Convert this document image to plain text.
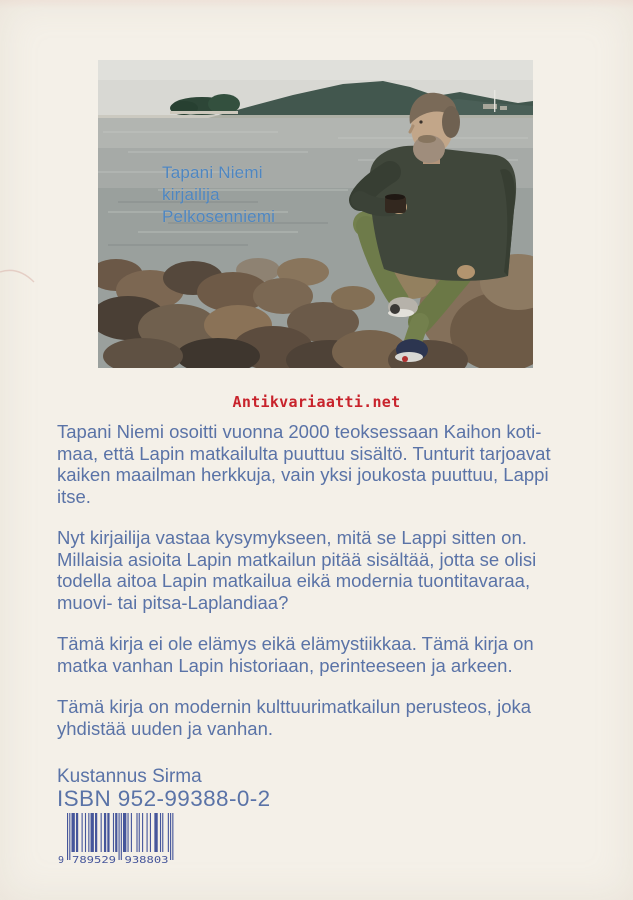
Tapani Niemi
kirjailija
Pelkosenniemi
Antikvariaatti.net

Tapani Niemi osoitti vuonna 2000 teoksessaan Kaihon koti-
maa, että Lapin matkailulta puuttuu sisältö. Tunturit tarjoavat
kaiken maailman herkkuja, vain yksi joukosta puuttuu, Lappi
itse.

Nyt kirjailija vastaa kysymykseen, mitä se Lappi sitten on.
Millaisia asioita Lapin matkailun pitää sisältää, jotta se olisi
todella aitoa Lapin matkailua eikä modernia tuontitavaraa,
muovi- tai pitsa-Laplandiaa?

Tämä kirja ei ole elämys eikä elämystiikkaa. Tämä kirja on
matka vanhan Lapin historiaan, perinteeseen ja arkeen.

Tämä kirja on modernin kulttuurimatkailun perusteos, joka
yhdistää uuden ja vanhan.

Kustannus Sirma
ISBN 952-99388-0-2
9 789529 938803
